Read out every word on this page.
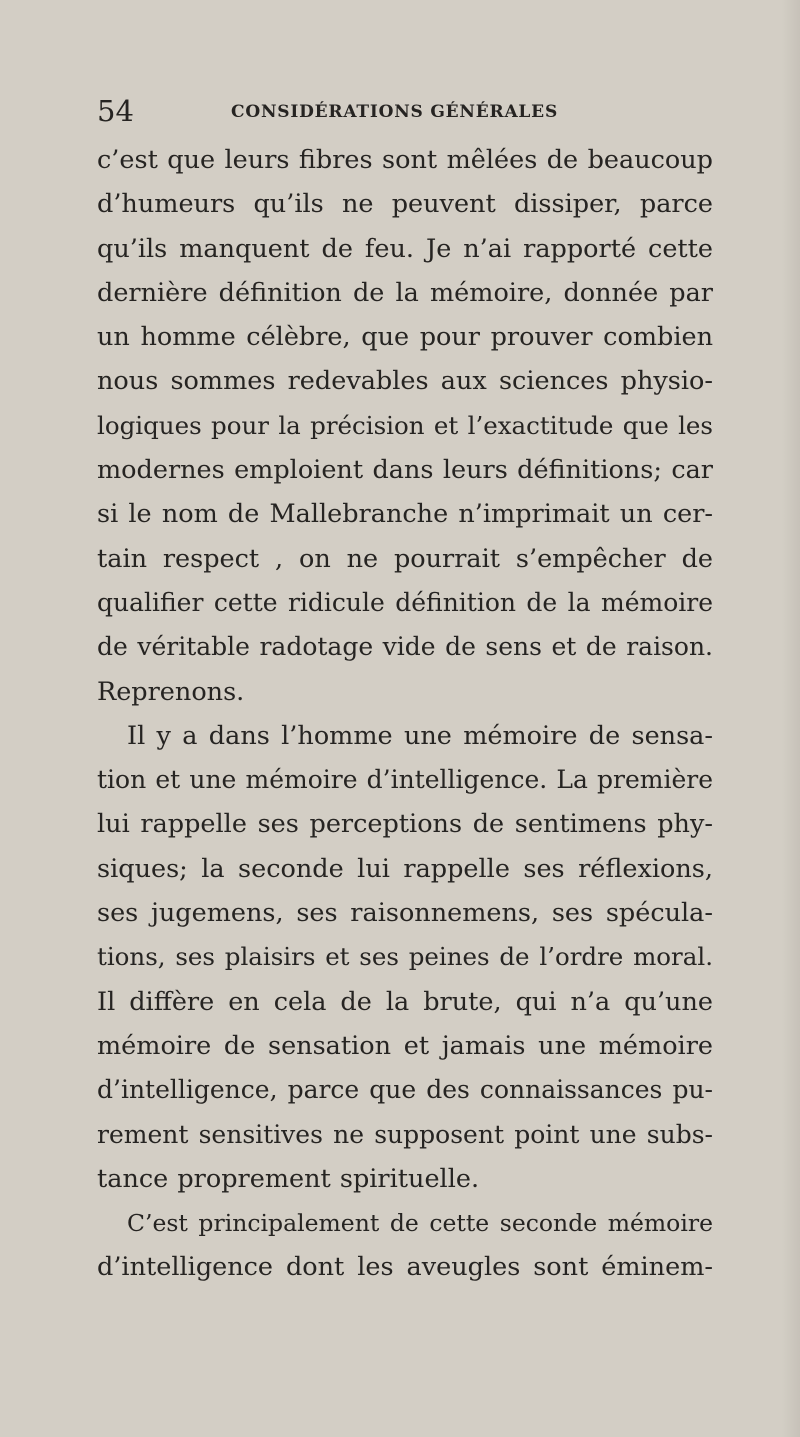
54	CONSIDÉRATIONS GÉNÉRALES
c’est que leurs fibres sont mêlées de beaucoup
d’humeurs qu’ils ne peuvent dissiper, parce
qu’ils manquent de feu. Je n’ai rapporté cette
dernière définition de la mémoire, donnée par
un homme célèbre, que pour prouver combien
nous sommes redevables aux sciences physio-
logiques pour la précision et l’exactitude que les
modernes emploient dans leurs définitions; car
si le nom de Mallebranche n’imprimait un cer-
tain respect , on ne pourrait s’empêcher de
qualifier cette ridicule définition de la mémoire
de véritable radotage vide de sens et de raison.
Reprenons.
Il y a dans l’homme une mémoire de sensa-
tion et une mémoire d’intelligence. La première
lui rappelle ses perceptions de sentimens phy-
siques; la seconde lui rappelle ses réflexions,
ses jugemens, ses raisonnemens, ses spécula-
tions, ses plaisirs et ses peines de l’ordre moral.
Il diffère en cela de la brute, qui n’a qu’une
mémoire de sensation et jamais une mémoire
d’intelligence, parce que des connaissances pu-
rement sensitives ne supposent point une subs-
tance proprement spirituelle.
C’est principalement de cette seconde mémoire
d’intelligence dont les aveugles sont éminem-
